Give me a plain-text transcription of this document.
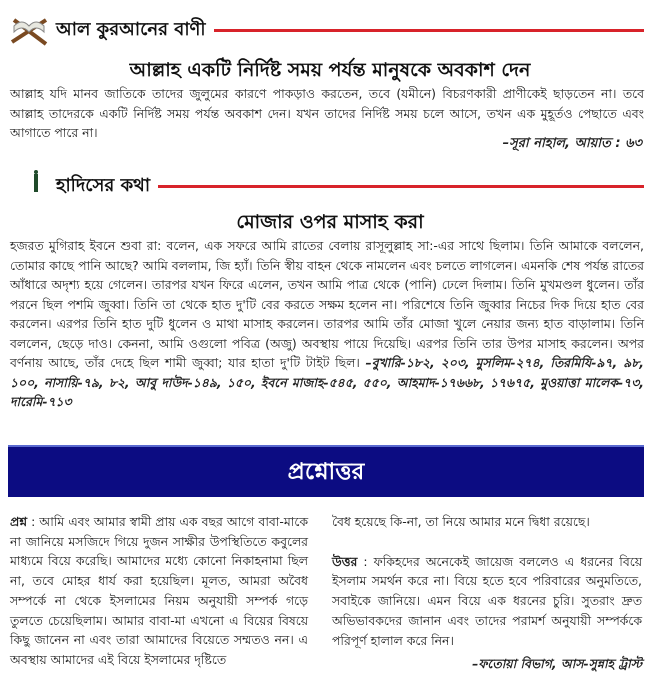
আল কুরআনের বাণী
আল্লাহ একটি নির্দিষ্ট সময় পর্যন্ত মানুষকে অবকাশ দেন
আল্লাহ যদি মানব জাতিকে তাদের জুলুমের কারণে পাকড়াও করতেন, তবে (যমীনে) বিচরণকারী প্রাণীকেই ছাড়তেন না। তবে আল্লাহ তাদেরকে একটি নির্দিষ্ট সময় পর্যন্ত অবকাশ দেন। যখন তাদের নির্দিষ্ট সময় চলে আসে, তখন এক মুহূর্তও পেছাতে এবং আগাতে পারে না।
–সূরা নাহাল, আয়াত : ৬৩
হাদিসের কথা
মোজার ওপর মাসাহ করা
হজরত মুগিরাহ ইবনে শুবা রা: বলেন, এক সফরে আমি রাতের বেলায় রাসূলুল্লাহ সা:-এর সাথে ছিলাম। তিনি আমাকে বললেন, তোমার কাছে পানি আছে? আমি বললাম, জি হ্যাঁ। তিনি স্বীয় বাহন থেকে নামলেন এবং চলতে লাগলেন। এমনকি শেষ পর্যন্ত রাতের আঁধারে অদৃশ্য হয়ে গেলেন। তারপর যখন ফিরে এলেন, তখন আমি পাত্র থেকে (পানি) ঢেলে দিলাম। তিনি মুখমণ্ডল ধুলেন। তাঁর পরনে ছিল পশমি জুব্বা। তিনি তা থেকে হাত দু'টি বের করতে সক্ষম হলেন না। পরিশেষে তিনি জুব্বার নিচের দিক দিয়ে হাত বের করলেন। এরপর তিনি হাত দুটি ধুলেন ও মাথা মাসাহ করলেন। তারপর আমি তাঁর মোজা খুলে নেয়ার জন্য হাত বাড়ালাম। তিনি বললেন, ছেড়ে দাও। কেননা, আমি ওগুলো পবিত্র (অজু) অবস্থায় পায়ে দিয়েছি। এরপর তিনি তার উপর মাসাহ করলেন। অপর বর্ণনায় আছে, তাঁর দেহে ছিল শামী জুব্বা; যার হাতা দু'টি টাইট ছিল। –বুখারি-১৮২, ২০৩, মুসলিম-২৭৪, তিরমিযি-৯৭, ৯৮, ১০০, নাসায়ি-৭৯, ৮২, আবু দাউদ-১৪৯, ১৫০, ইবনে মাজাহ-৫৪৫, ৫৫০, আহমাদ-১৭৬৬৮, ১৭৬৭৫, মুওয়াত্তা মালেক-৭৩, দারেমি-৭১৩
প্রশ্নোত্তর
প্রশ্ন : আমি এবং আমার স্বামী প্রায় এক বছর আগে বাবা-মাকে না জানিয়ে মসজিদে গিয়ে দুজন সাক্ষীর উপস্থিতিতে কবুলের মাধ্যমে বিয়ে করেছি। আমাদের মধ্যে কোনো নিকাহনামা ছিল না, তবে মোহর ধার্য করা হয়েছিল। মূলত, আমরা অবৈধ সম্পর্কে না থেকে ইসলামের নিয়ম অনুযায়ী সম্পর্ক গড়ে তুলতে চেয়েছিলাম। আমার বাবা-মা এখনো এ বিয়ের বিষয়ে কিছু জানেন না এবং তারা আমাদের বিয়েতে সম্মতও নন। এ অবস্থায় আমাদের এই বিয়ে ইসলামের দৃষ্টিতে
বৈধ হয়েছে কি-না, তা নিয়ে আমার মনে দ্বিধা রয়েছে।
উত্তর : ফকিহদের অনেকেই জায়েজ বললেও এ ধরনের বিয়ে ইসলাম সমর্থন করে না। বিয়ে হতে হবে পরিবারের অনুমতিতে, সবাইকে জানিয়ে। এমন বিয়ে এক ধরনের চুরি। সুতরাং দ্রুত অভিভাবকদের জানান এবং তাদের পরামর্শ অনুযায়ী সম্পর্ককে পরিপূর্ণ হালাল করে নিন।
–ফতোয়া বিভাগ, আস-সুন্নাহ ট্রাস্ট
